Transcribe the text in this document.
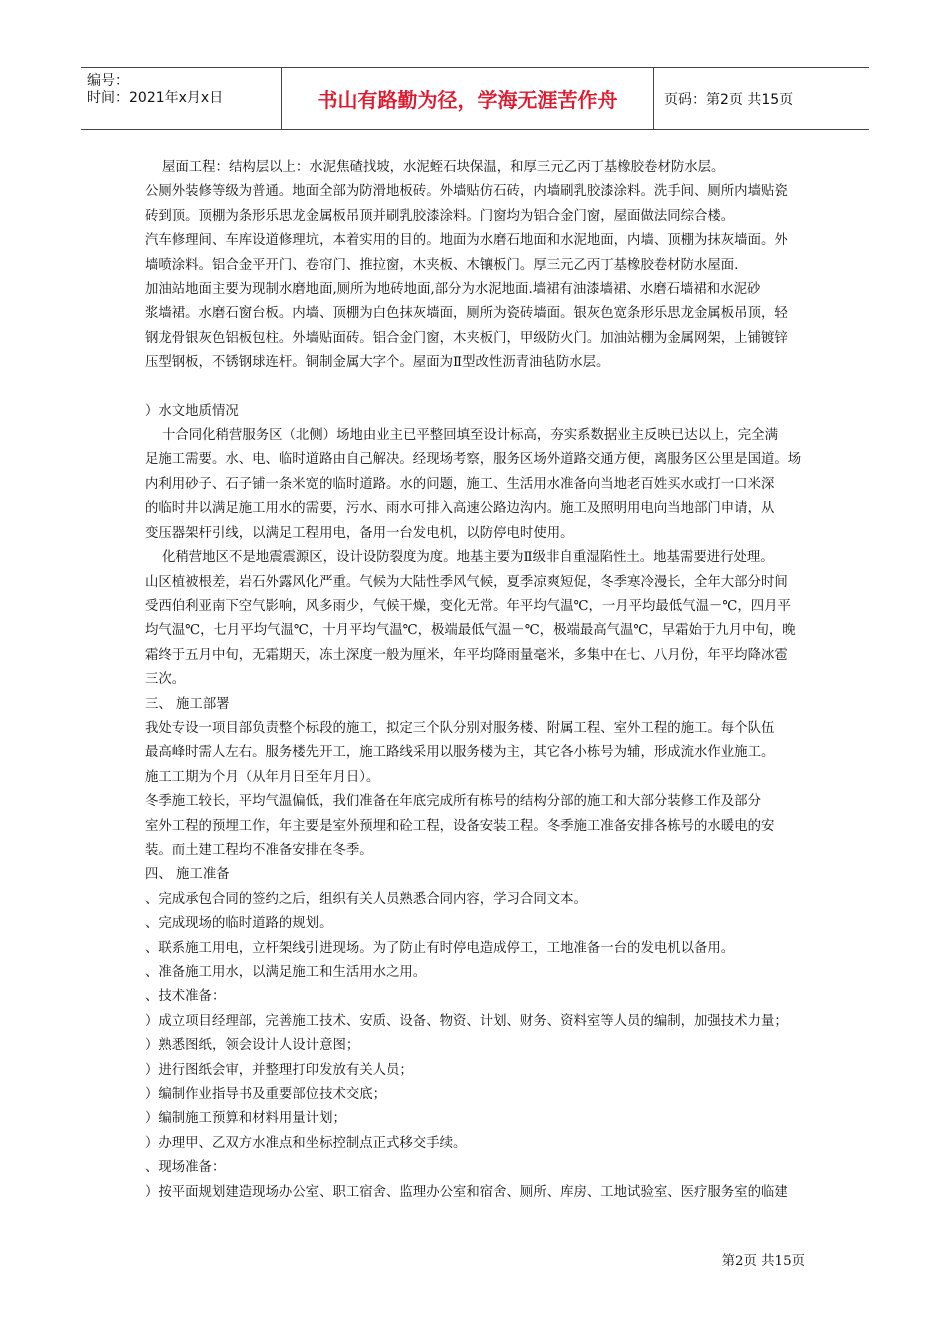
编号：
时间：2021年x月x日	书山有路勤为径，学海无涯苦作舟	页码：第2页 共15页

屋面工程：结构层以上：水泥焦碴找坡，水泥蛭石块保温，和厚三元乙丙丁基橡胶卷材防水层。

公厕外装修等级为普通。地面全部为防滑地板砖。外墙贴仿石砖，内墙刷乳胶漆涂料。洗手间、厕所内墙贴瓷

砖到顶。顶棚为条形乐思龙金属板吊顶并刷乳胶漆涂料。门窗均为铝合金门窗，屋面做法同综合楼。

汽车修理间、车库设道修理坑，本着实用的目的。地面为水磨石地面和水泥地面，内墙、顶棚为抹灰墙面。外

墙喷涂料。铝合金平开门、卷帘门、推拉窗，木夹板、木镶板门。厚三元乙丙丁基橡胶卷材防水屋面.

加油站地面主要为现制水磨地面,厕所为地砖地面,部分为水泥地面.墙裙有油漆墙裙、水磨石墙裙和水泥砂

浆墙裙。水磨石窗台板。内墙、顶棚为白色抹灰墙面，厕所为瓷砖墙面。银灰色宽条形乐思龙金属板吊顶，轻

钢龙骨银灰色铝板包柱。外墙贴面砖。铝合金门窗，木夹板门，甲级防火门。加油站棚为金属网架，上铺镀锌

压型钢板，不锈钢球连杆。铜制金属大字个。屋面为Ⅱ型改性沥青油毡防水层。

）水文地质情况

十合同化稍营服务区（北侧）场地由业主已平整回填至设计标高，夯实系数据业主反映已达以上，完全满

足施工需要。水、电、临时道路由自己解决。经现场考察，服务区场外道路交通方便，离服务区公里是国道。场

内利用砂子、石子铺一条米宽的临时道路。水的问题，施工、生活用水准备向当地老百姓买水或打一口米深

的临时井以满足施工用水的需要，污水、雨水可排入高速公路边沟内。施工及照明用电向当地部门申请，从

变压器架杆引线，以满足工程用电，备用一台发电机，以防停电时使用。

化稍营地区不是地震震源区，设计设防裂度为度。地基主要为Ⅱ级非自重湿陷性土。地基需要进行处理。

山区植被根差，岩石外露风化严重。气候为大陆性季风气候，夏季凉爽短促，冬季寒冷漫长，全年大部分时间

受西伯利亚南下空气影响，风多雨少，气候干燥，变化无常。年平均气温℃，一月平均最低气温－℃，四月平

均气温℃，七月平均气温℃，十月平均气温℃，极端最低气温－℃，极端最高气温℃，早霜始于九月中旬，晚

霜终于五月中旬，无霜期天，冻土深度一般为厘米，年平均降雨量毫米，多集中在七、八月份，年平均降冰雹

三次。

三、 施工部署

我处专设一项目部负责整个标段的施工，拟定三个队分别对服务楼、附属工程、室外工程的施工。每个队伍

最高峰时需人左右。服务楼先开工，施工路线采用以服务楼为主，其它各小栋号为辅，形成流水作业施工。

施工工期为个月（从年月日至年月日）。

冬季施工较长，平均气温偏低，我们准备在年底完成所有栋号的结构分部的施工和大部分装修工作及部分

室外工程的预埋工作，年主要是室外预埋和砼工程，设备安装工程。冬季施工准备安排各栋号的水暖电的安

装。而土建工程均不准备安排在冬季。

四、 施工准备

、完成承包合同的签约之后，组织有关人员熟悉合同内容，学习合同文本。

、完成现场的临时道路的规划。

、联系施工用电，立杆架线引进现场。为了防止有时停电造成停工，工地准备一台的发电机以备用。

、准备施工用水，以满足施工和生活用水之用。

、技术准备：

）成立项目经理部，完善施工技术、安质、设备、物资、计划、财务、资料室等人员的编制，加强技术力量；

）熟悉图纸，领会设计人设计意图；

）进行图纸会审，并整理打印发放有关人员；

）编制作业指导书及重要部位技术交底；

）编制施工预算和材料用量计划；

）办理甲、乙双方水准点和坐标控制点正式移交手续。

、现场准备：

）按平面规划建造现场办公室、职工宿舍、监理办公室和宿舍、厕所、库房、工地试验室、医疗服务室的临建

第2页 共15页
